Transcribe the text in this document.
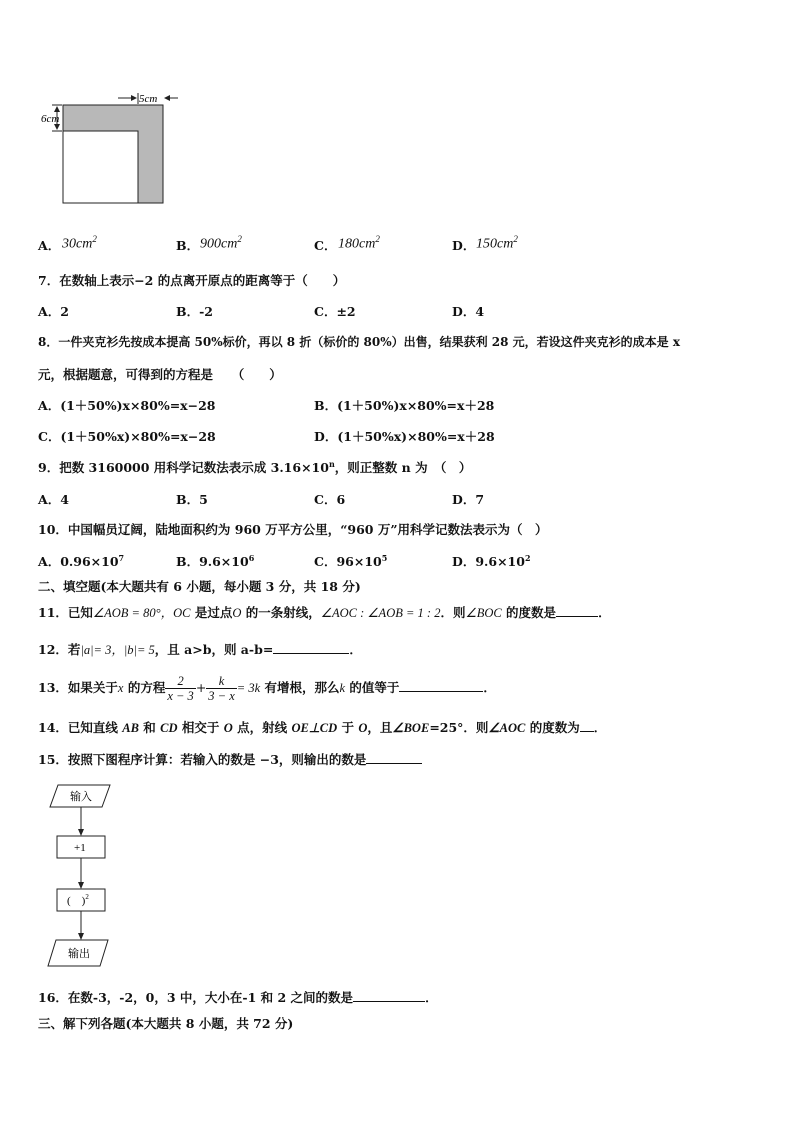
5cm
6cm
A． $30cm^2$	B． $900cm^2$	C． $180cm^2$	D． $150cm^2$
7．在数轴上表示−2 的点离开原点的距离等于（　　）
A．2	B．-2	C．±2	D．4
8．一件夹克衫先按成本提高 50%标价，再以 8 折（标价的 80%）出售，结果获利 28 元，若设这件夹克衫的成本是 x
元，根据题意，可得到的方程是　　（　　）
A．(1＋50%)x×80%=x−28	B．(1＋50%)x×80%=x＋28
C．(1＋50%x)×80%=x−28	D．(1＋50%x)×80%=x＋28
9．把数 3160000 用科学记数法表示成 $3.16\times 10^n$，则正整数 n 为　（　）
A．4	B．5	C．6	D．7
10．中国幅员辽阔，陆地面积约为 960 万平方公里，“960 万”用科学记数法表示为（　）
A．$0.96\times 10^7$	B．$9.6\times 10^6$	C．$96\times 10^5$	D．$9.6\times 10^2$
二、填空题(本大题共有 6 小题，每小题 3 分，共 18 分)
11．已知∠AOB = 80°，OC 是过点O 的一条射线，∠AOC : ∠AOB = 1 : 2．则∠BOC 的度数是	．
12．若|a|= 3，|b|= 5，且 a>b，则 a-b=	．
13．如果关于x 的方程 $\frac{2}{x - 3} + \frac{k}{3 - x} = 3k$ 有增根，那么k 的值等于	．
14．已知直线 AB 和 CD 相交于 O 点，射线 OE⊥CD 于 O，且∠BOE=25°．则∠AOC 的度数为 ．
15．按照下图程序计算：若输入的数是 −3，则输出的数是
输入
+1
(　)$^2$
输出
16．在数-3，-2，0，3 中，大小在-1 和 2 之间的数是	．
三、解下列各题(本大题共 8 小题，共 72 分)
